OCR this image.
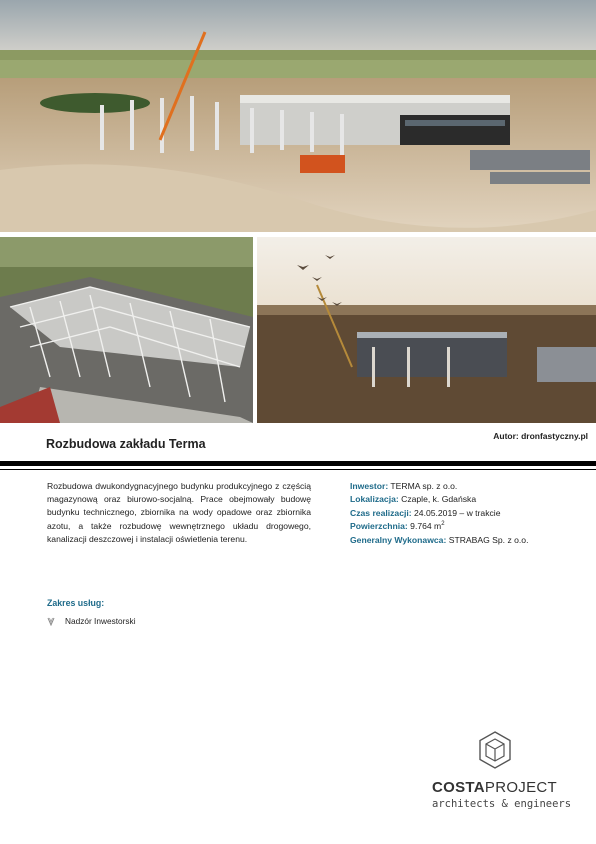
Rozbudowa zakładu Terma
Autor: dronfastyczny.pl
Rozbudowa dwukondygnacyjnego budynku produkcyjnego z częścią magazynową oraz biurowo-socjalną. Prace obejmowały budowę budynku technicznego, zbiornika na wody opadowe oraz zbiornika azotu, a także rozbudowę wewnętrznego układu drogowego, kanalizacji deszczowej i instalacji oświetlenia terenu.
Inwestor: TERMA sp. z o.o.
Lokalizacja: Czaple, k. Gdańska
Czas realizacji: 24.05.2019 – w trakcie
Powierzchnia: 9.764 $m^2$
Generalny Wykonawca: STRABAG Sp. z o.o.
Zakres usług:
Nadzór Inwestorski
COSTAPROJECT
architects & engineers
